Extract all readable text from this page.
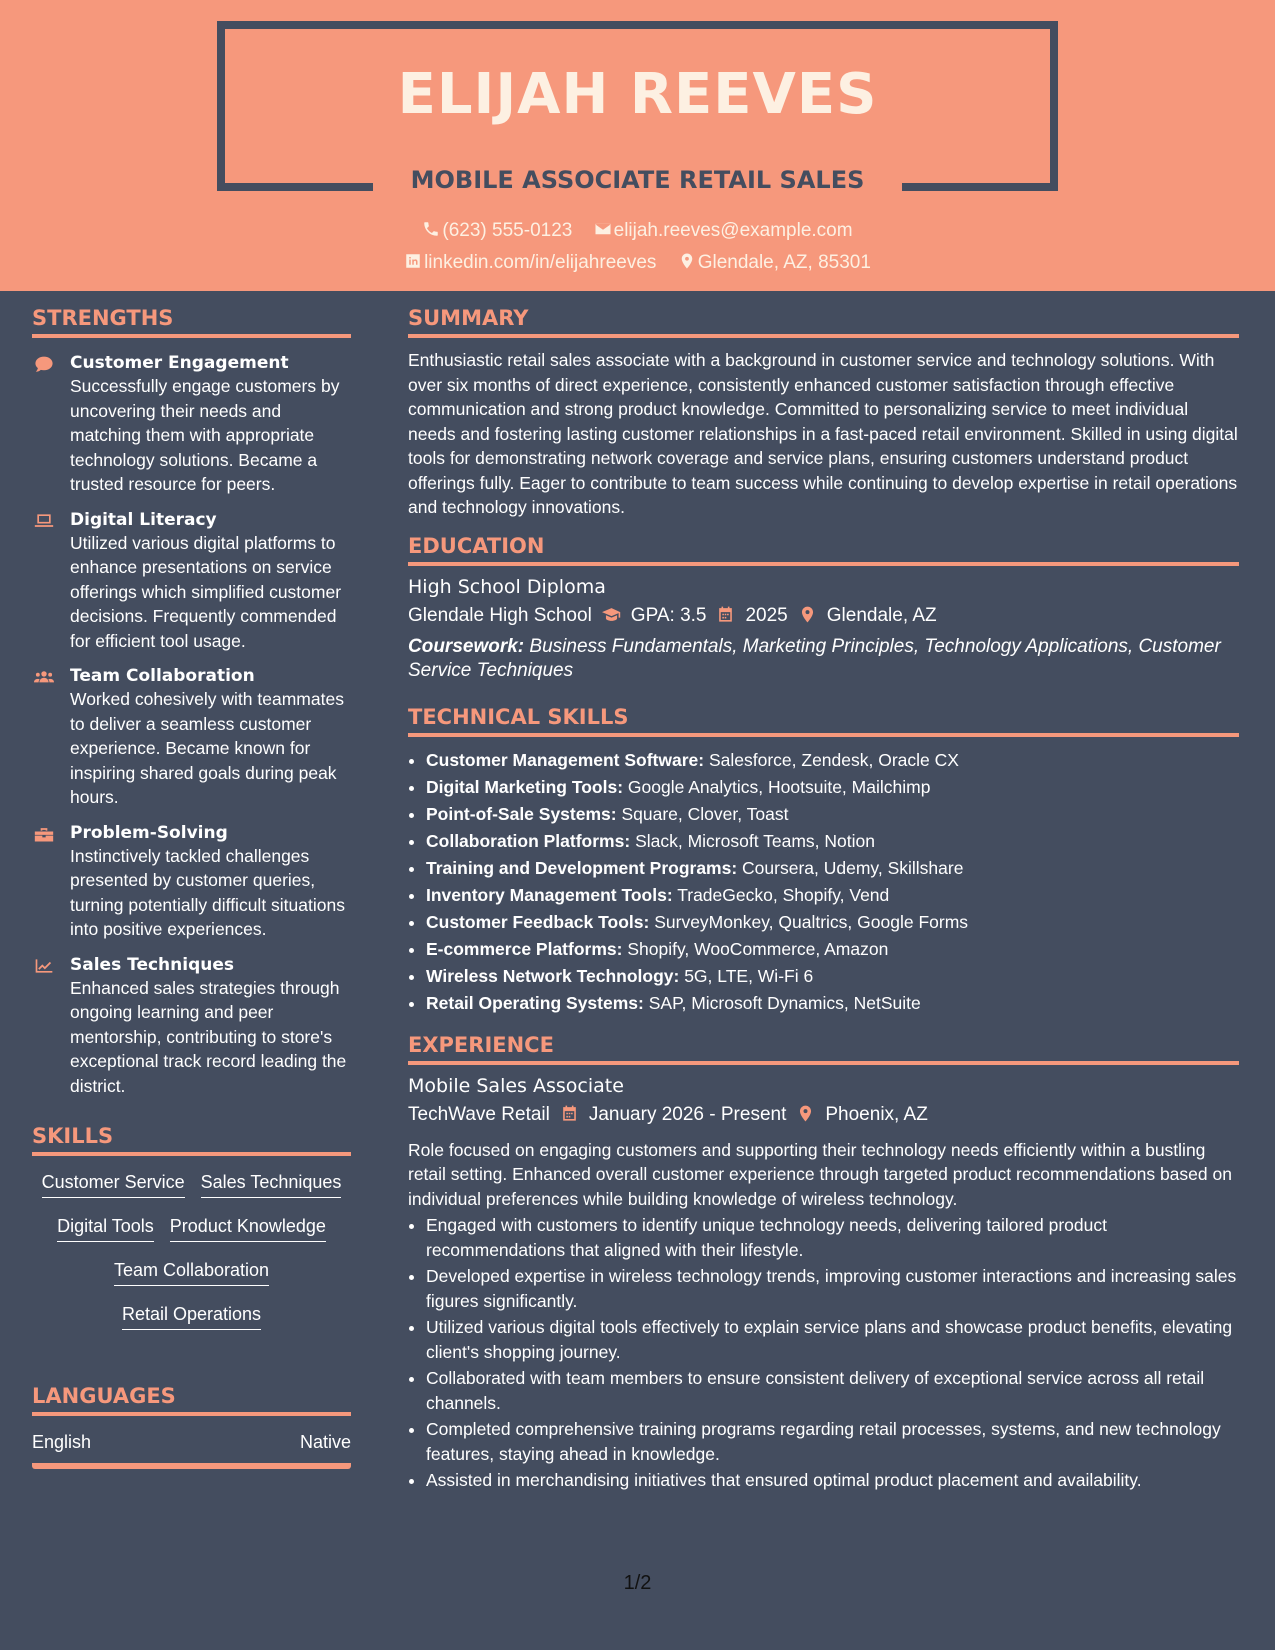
ELIJAH REEVES
MOBILE ASSOCIATE RETAIL SALES
(623) 555-0123 elijah.reeves@example.com
linkedin.com/in/elijahreeves Glendale, AZ, 85301
STRENGTHS
Customer Engagement

Successfully engage customers by uncovering their needs and matching them with appropriate technology solutions. Became a trusted resource for peers.

Digital Literacy

Utilized various digital platforms to enhance presentations on service offerings which simplified customer decisions. Frequently commended for efficient tool usage.

Team Collaboration

Worked cohesively with teammates to deliver a seamless customer experience. Became known for inspiring shared goals during peak hours.

Problem-Solving

Instinctively tackled challenges presented by customer queries, turning potentially difficult situations into positive experiences.

Sales Techniques

Enhanced sales strategies through ongoing learning and peer mentorship, contributing to store's exceptional track record leading the district.

SKILLS
Customer Service Sales Techniques
Digital Tools Product Knowledge
Team Collaboration
Retail Operations
LANGUAGES
English	Native
SUMMARY

Enthusiastic retail sales associate with a background in customer service and technology solutions. With over six months of direct experience, consistently enhanced customer satisfaction through effective communication and strong product knowledge. Committed to personalizing service to meet individual needs and fostering lasting customer relationships in a fast-paced retail environment. Skilled in using digital tools for demonstrating network coverage and service plans, ensuring customers understand product offerings fully. Eager to contribute to team success while continuing to develop expertise in retail operations and technology innovations.

EDUCATION
High School Diploma
Glendale High School GPA: 3.5 2025 Glendale, AZ

Coursework: Business Fundamentals, Marketing Principles, Technology Applications, Customer Service Techniques

TECHNICAL SKILLS
• Customer Management Software: Salesforce, Zendesk, Oracle CX
• Digital Marketing Tools: Google Analytics, Hootsuite, Mailchimp
• Point-of-Sale Systems: Square, Clover, Toast
• Collaboration Platforms: Slack, Microsoft Teams, Notion
• Training and Development Programs: Coursera, Udemy, Skillshare
• Inventory Management Tools: TradeGecko, Shopify, Vend
• Customer Feedback Tools: SurveyMonkey, Qualtrics, Google Forms
• E-commerce Platforms: Shopify, WooCommerce, Amazon
• Wireless Network Technology: 5G, LTE, Wi-Fi 6
• Retail Operating Systems: SAP, Microsoft Dynamics, NetSuite
EXPERIENCE
Mobile Sales Associate
TechWave Retail January 2026 - Present Phoenix, AZ

Role focused on engaging customers and supporting their technology needs efficiently within a bustling retail setting. Enhanced overall customer experience through targeted product recommendations based on individual preferences while building knowledge of wireless technology.

• Engaged with customers to identify unique technology needs, delivering tailored product recommendations that aligned with their lifestyle.
• Developed expertise in wireless technology trends, improving customer interactions and increasing sales figures significantly.
• Utilized various digital tools effectively to explain service plans and showcase product benefits, elevating client's shopping journey.
• Collaborated with team members to ensure consistent delivery of exceptional service across all retail channels.
• Completed comprehensive training programs regarding retail processes, systems, and new technology features, staying ahead in knowledge.
• Assisted in merchandising initiatives that ensured optimal product placement and availability.
1/2
